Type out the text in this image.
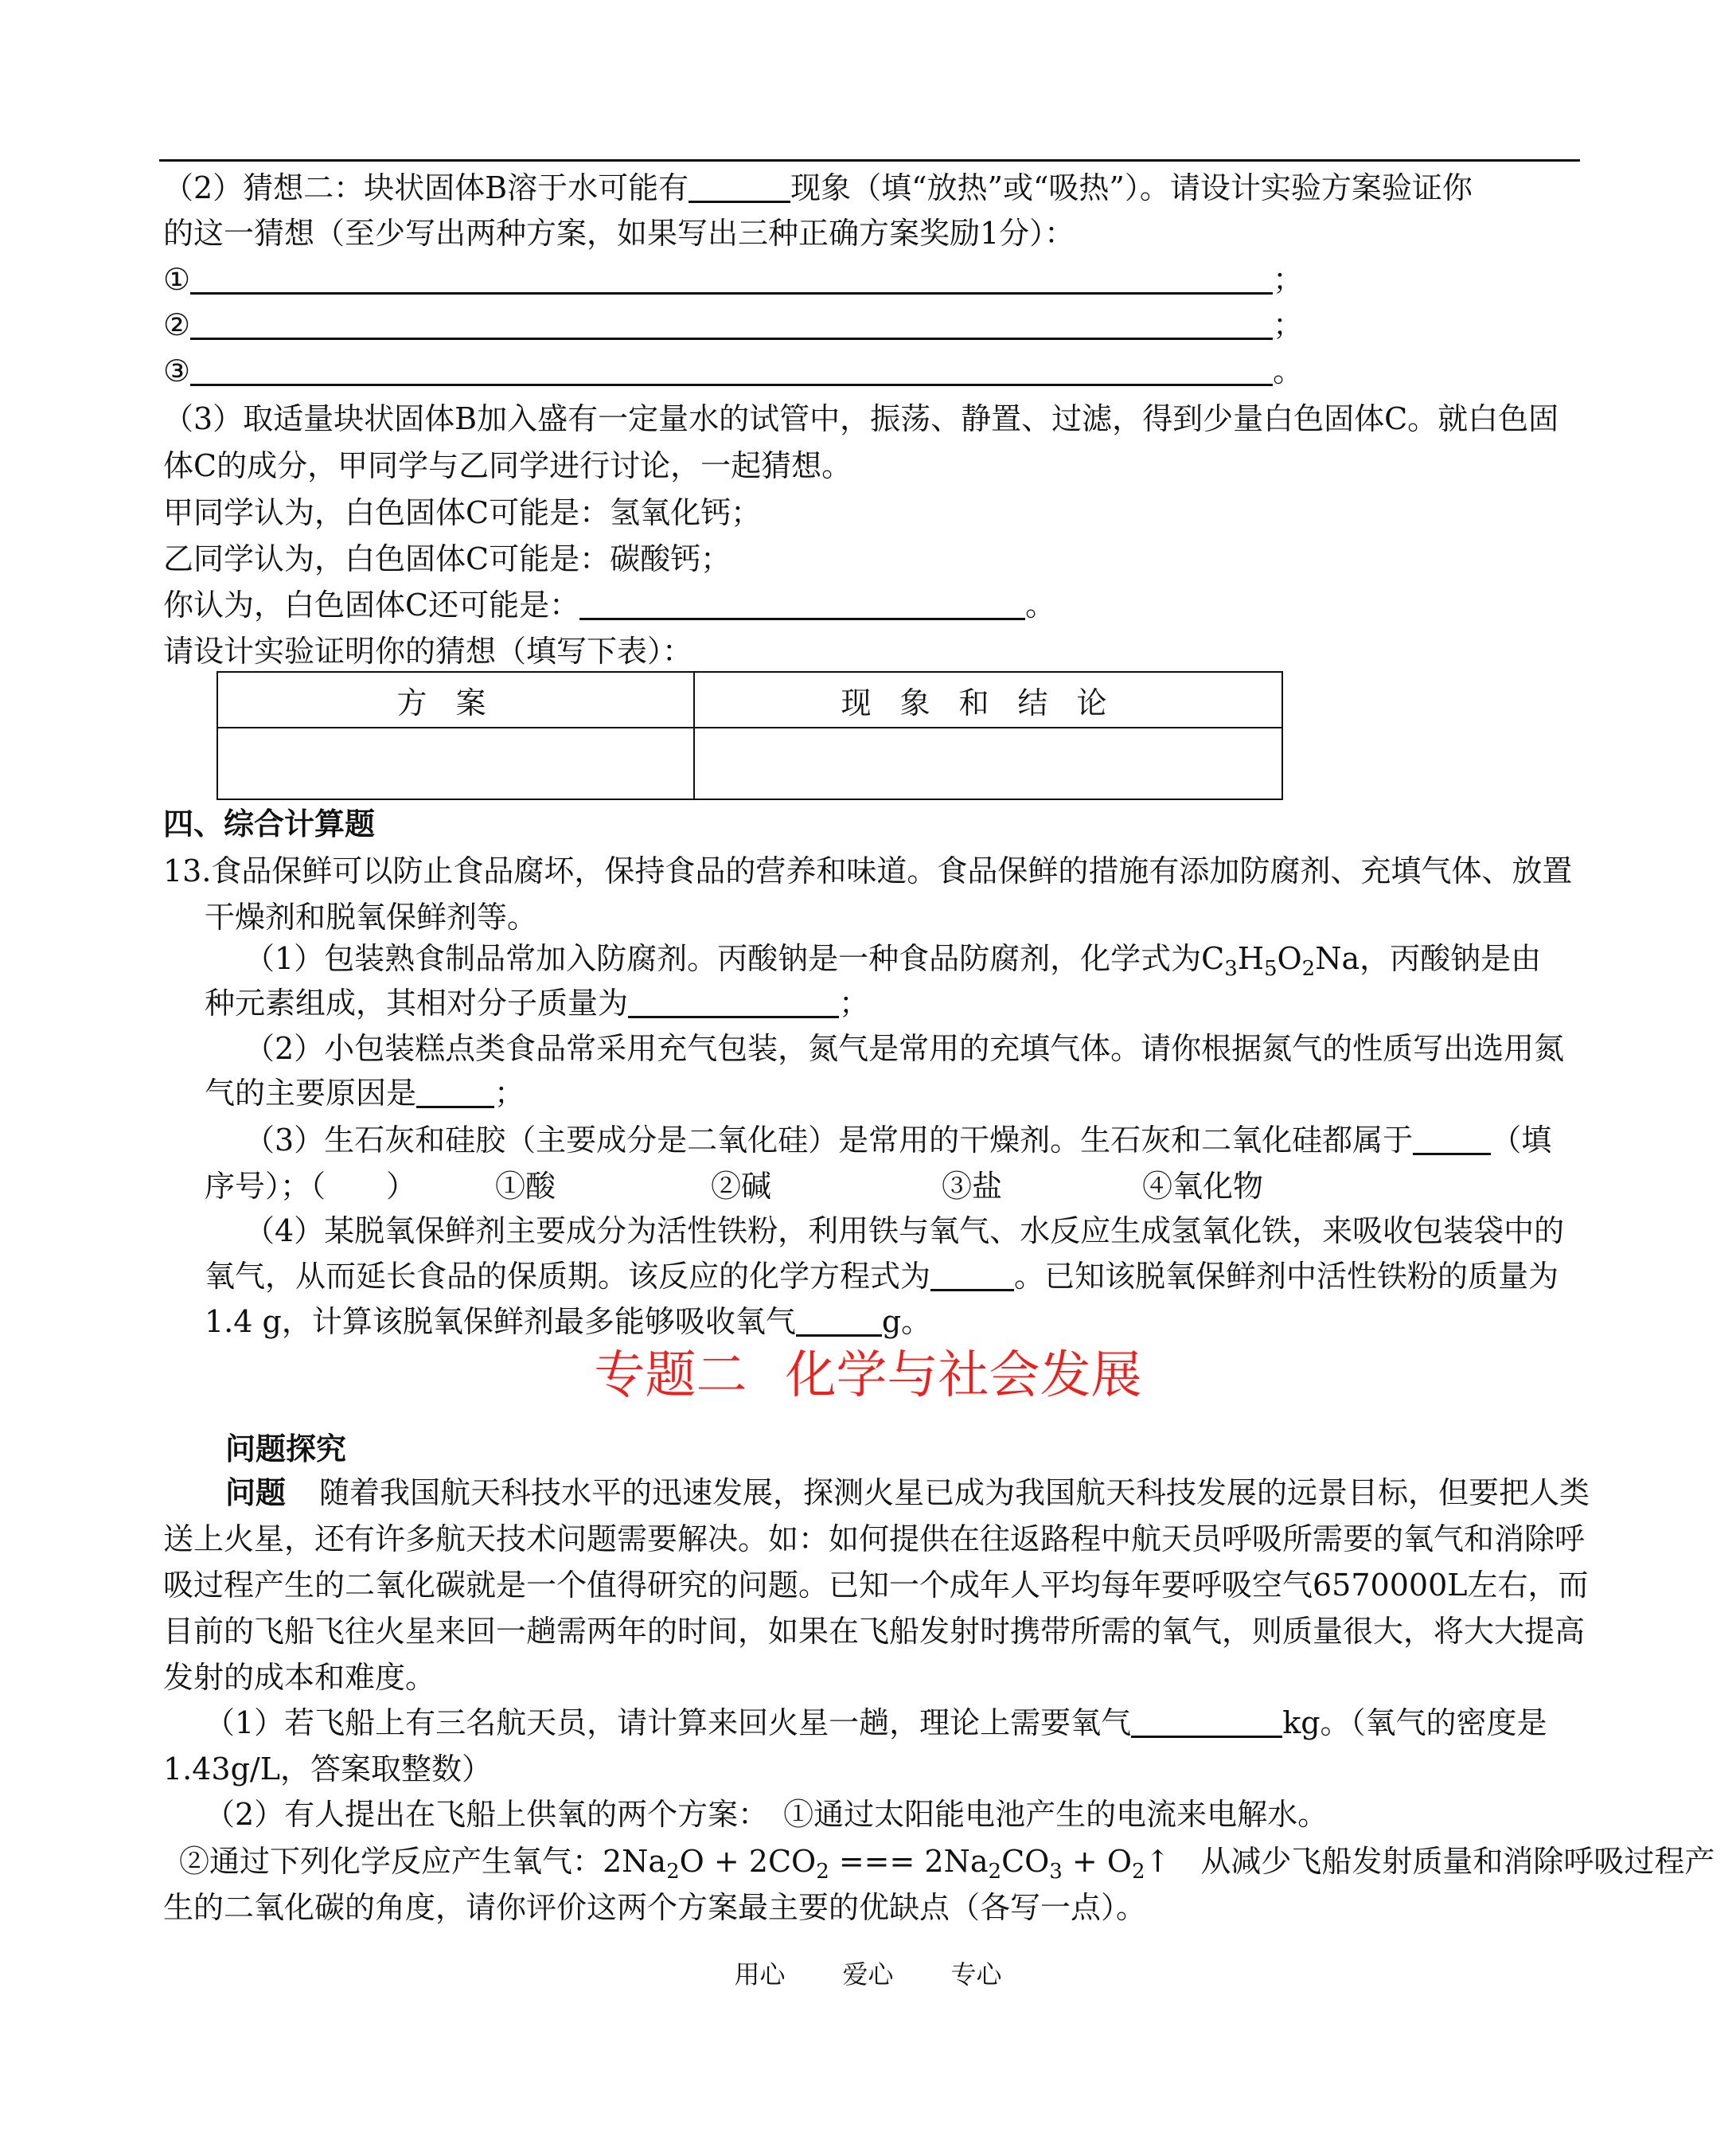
（2）猜想二：块状固体B溶于水可能有	现象（填“放热”或“吸热”）。请设计实验方案验证你
的这一猜想（至少写出两种方案，如果写出三种正确方案奖励1分）：
①	；
②	；
③	。
（3）取适量块状固体B加入盛有一定量水的试管中，振荡、静置、过滤，得到少量白色固体C。就白色固
体C的成分，甲同学与乙同学进行讨论，一起猜想。
甲同学认为，白色固体C可能是：氢氧化钙；
乙同学认为，白色固体C可能是：碳酸钙；
你认为，白色固体C还可能是：	。
请设计实验证明你的猜想（填写下表）：
方案	现象和结论

四、综合计算题
13.食品保鲜可以防止食品腐坏，保持食品的营养和味道。食品保鲜的措施有添加防腐剂、充填气体、放置
干燥剂和脱氧保鲜剂等。
（1）包装熟食制品常加入防腐剂。丙酸钠是一种食品防腐剂，化学式为$C_3H_5O_2Na$，丙酸钠是由
种元素组成，其相对分子质量为	；
（2）小包装糕点类食品常采用充气包装，氮气是常用的充填气体。请你根据氮气的性质写出选用氮
气的主要原因是	；
（3）生石灰和硅胶（主要成分是二氧化硅）是常用的干燥剂。生石灰和二氧化硅都属于	（填
序号）；（　　）	①酸	②碱	③盐	④氧化物
（4）某脱氧保鲜剂主要成分为活性铁粉，利用铁与氧气、水反应生成氢氧化铁，来吸收包装袋中的
氧气，从而延长食品的保质期。该反应的化学方程式为	。已知该脱氧保鲜剂中活性铁粉的质量为
1.4 g，计算该脱氧保鲜剂最多能够吸收氧气	g。
专题二 化学与社会发展
问题探究
问题 随着我国航天科技水平的迅速发展，探测火星已成为我国航天科技发展的远景目标，但要把人类
送上火星，还有许多航天技术问题需要解决。如：如何提供在往返路程中航天员呼吸所需要的氧气和消除呼
吸过程产生的二氧化碳就是一个值得研究的问题。已知一个成年人平均每年要呼吸空气6570000L左右，而
目前的飞船飞往火星来回一趟需两年的时间，如果在飞船发射时携带所需的氧气，则质量很大，将大大提高
发射的成本和难度。
（1）若飞船上有三名航天员，请计算来回火星一趟，理论上需要氧气	kg。（氧气的密度是
1.43g/L，答案取整数）
（2）有人提出在飞船上供氧的两个方案：　①通过太阳能电池产生的电流来电解水。
②通过下列化学反应产生氧气：$2Na_2O + 2CO_2$ === $2Na_2CO_3$ + $O_2↑$　从减少飞船发射质量和消除呼吸过程产
生的二氧化碳的角度，请你评价这两个方案最主要的优缺点（各写一点）。
用心 爱心 专心
